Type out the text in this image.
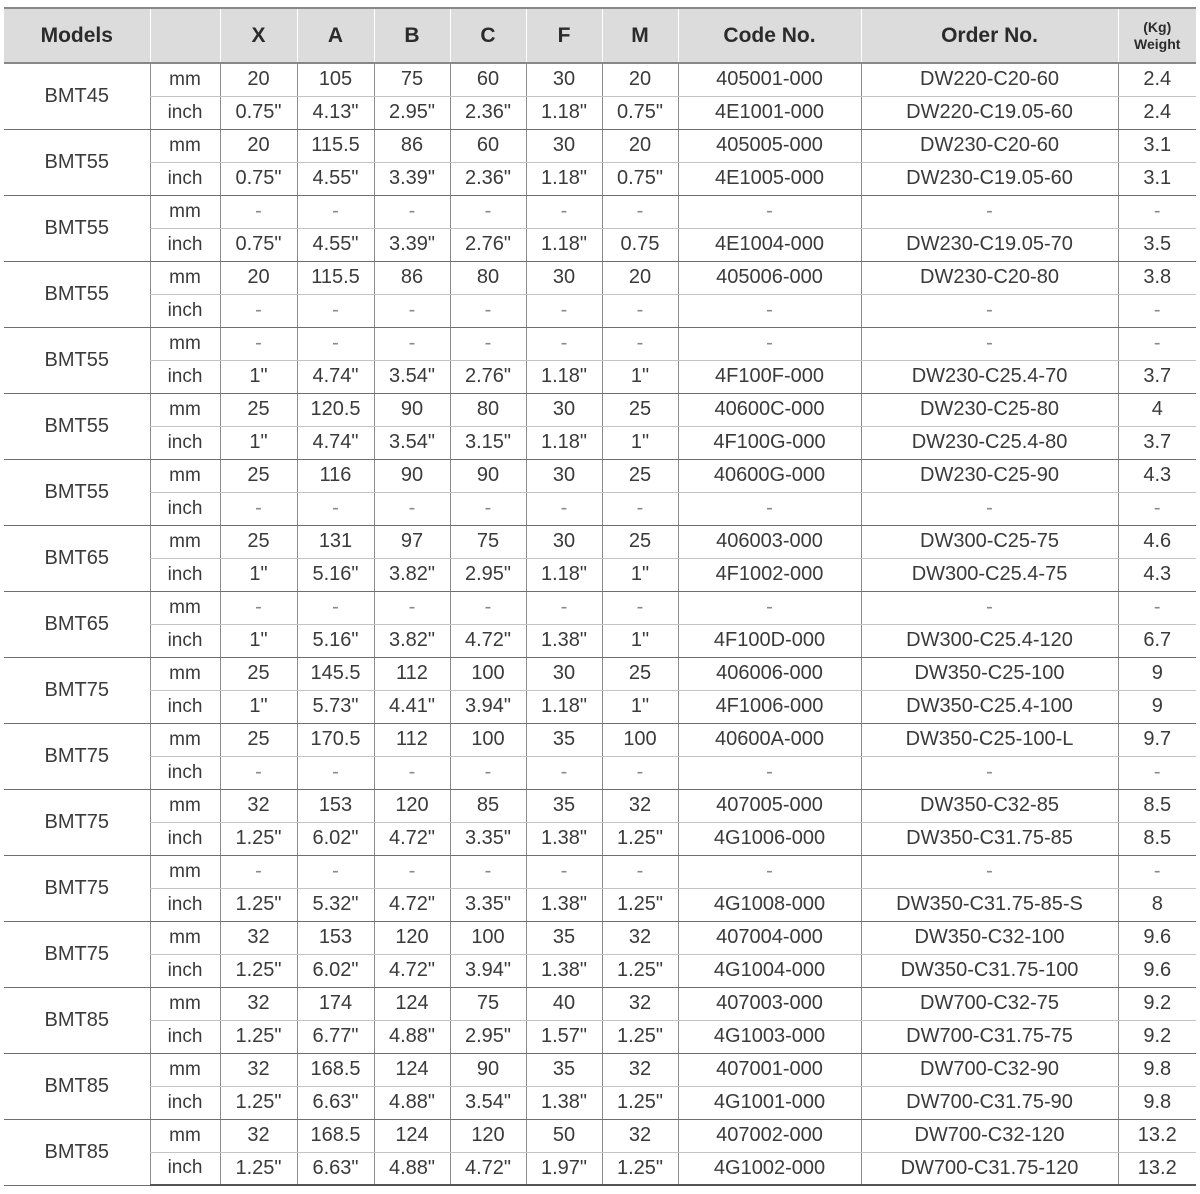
Models		X	A	B	C	F	M	Code No.	Order No.	(Kg)
Weight
BMT45	mm	20	105	75	60	30	20	405001-000	DW220-C20-60	2.4
	inch	0.75"	4.13"	2.95"	2.36"	1.18"	0.75"	4E1001-000	DW220-C19.05-60	2.4
BMT55	mm	20	115.5	86	60	30	20	405005-000	DW230-C20-60	3.1
	inch	0.75"	4.55"	3.39"	2.36"	1.18"	0.75"	4E1005-000	DW230-C19.05-60	3.1
BMT55	mm	-	-	-	-	-	-	-	-	-
	inch	0.75"	4.55"	3.39"	2.76"	1.18"	0.75	4E1004-000	DW230-C19.05-70	3.5
BMT55	mm	20	115.5	86	80	30	20	405006-000	DW230-C20-80	3.8
	inch	-	-	-	-	-	-	-	-	-
BMT55	mm	-	-	-	-	-	-	-	-	-
	inch	1"	4.74"	3.54"	2.76"	1.18"	1"	4F100F-000	DW230-C25.4-70	3.7
BMT55	mm	25	120.5	90	80	30	25	40600C-000	DW230-C25-80	4
	inch	1"	4.74"	3.54"	3.15"	1.18"	1"	4F100G-000	DW230-C25.4-80	3.7
BMT55	mm	25	116	90	90	30	25	40600G-000	DW230-C25-90	4.3
	inch	-	-	-	-	-	-	-	-	-
BMT65	mm	25	131	97	75	30	25	406003-000	DW300-C25-75	4.6
	inch	1"	5.16"	3.82"	2.95"	1.18"	1"	4F1002-000	DW300-C25.4-75	4.3
BMT65	mm	-	-	-	-	-	-	-	-	-
	inch	1"	5.16"	3.82"	4.72"	1.38"	1"	4F100D-000	DW300-C25.4-120	6.7
BMT75	mm	25	145.5	112	100	30	25	406006-000	DW350-C25-100	9
	inch	1"	5.73"	4.41"	3.94"	1.18"	1"	4F1006-000	DW350-C25.4-100	9
BMT75	mm	25	170.5	112	100	35	100	40600A-000	DW350-C25-100-L	9.7
	inch	-	-	-	-	-	-	-	-	-
BMT75	mm	32	153	120	85	35	32	407005-000	DW350-C32-85	8.5
	inch	1.25"	6.02"	4.72"	3.35"	1.38"	1.25"	4G1006-000	DW350-C31.75-85	8.5
BMT75	mm	-	-	-	-	-	-	-	-	-
	inch	1.25"	5.32"	4.72"	3.35"	1.38"	1.25"	4G1008-000	DW350-C31.75-85-S	8
BMT75	mm	32	153	120	100	35	32	407004-000	DW350-C32-100	9.6
	inch	1.25"	6.02"	4.72"	3.94"	1.38"	1.25"	4G1004-000	DW350-C31.75-100	9.6
BMT85	mm	32	174	124	75	40	32	407003-000	DW700-C32-75	9.2
	inch	1.25"	6.77"	4.88"	2.95"	1.57"	1.25"	4G1003-000	DW700-C31.75-75	9.2
BMT85	mm	32	168.5	124	90	35	32	407001-000	DW700-C32-90	9.8
	inch	1.25"	6.63"	4.88"	3.54"	1.38"	1.25"	4G1001-000	DW700-C31.75-90	9.8
BMT85	mm	32	168.5	124	120	50	32	407002-000	DW700-C32-120	13.2
	inch	1.25"	6.63"	4.88"	4.72"	1.97"	1.25"	4G1002-000	DW700-C31.75-120	13.2
